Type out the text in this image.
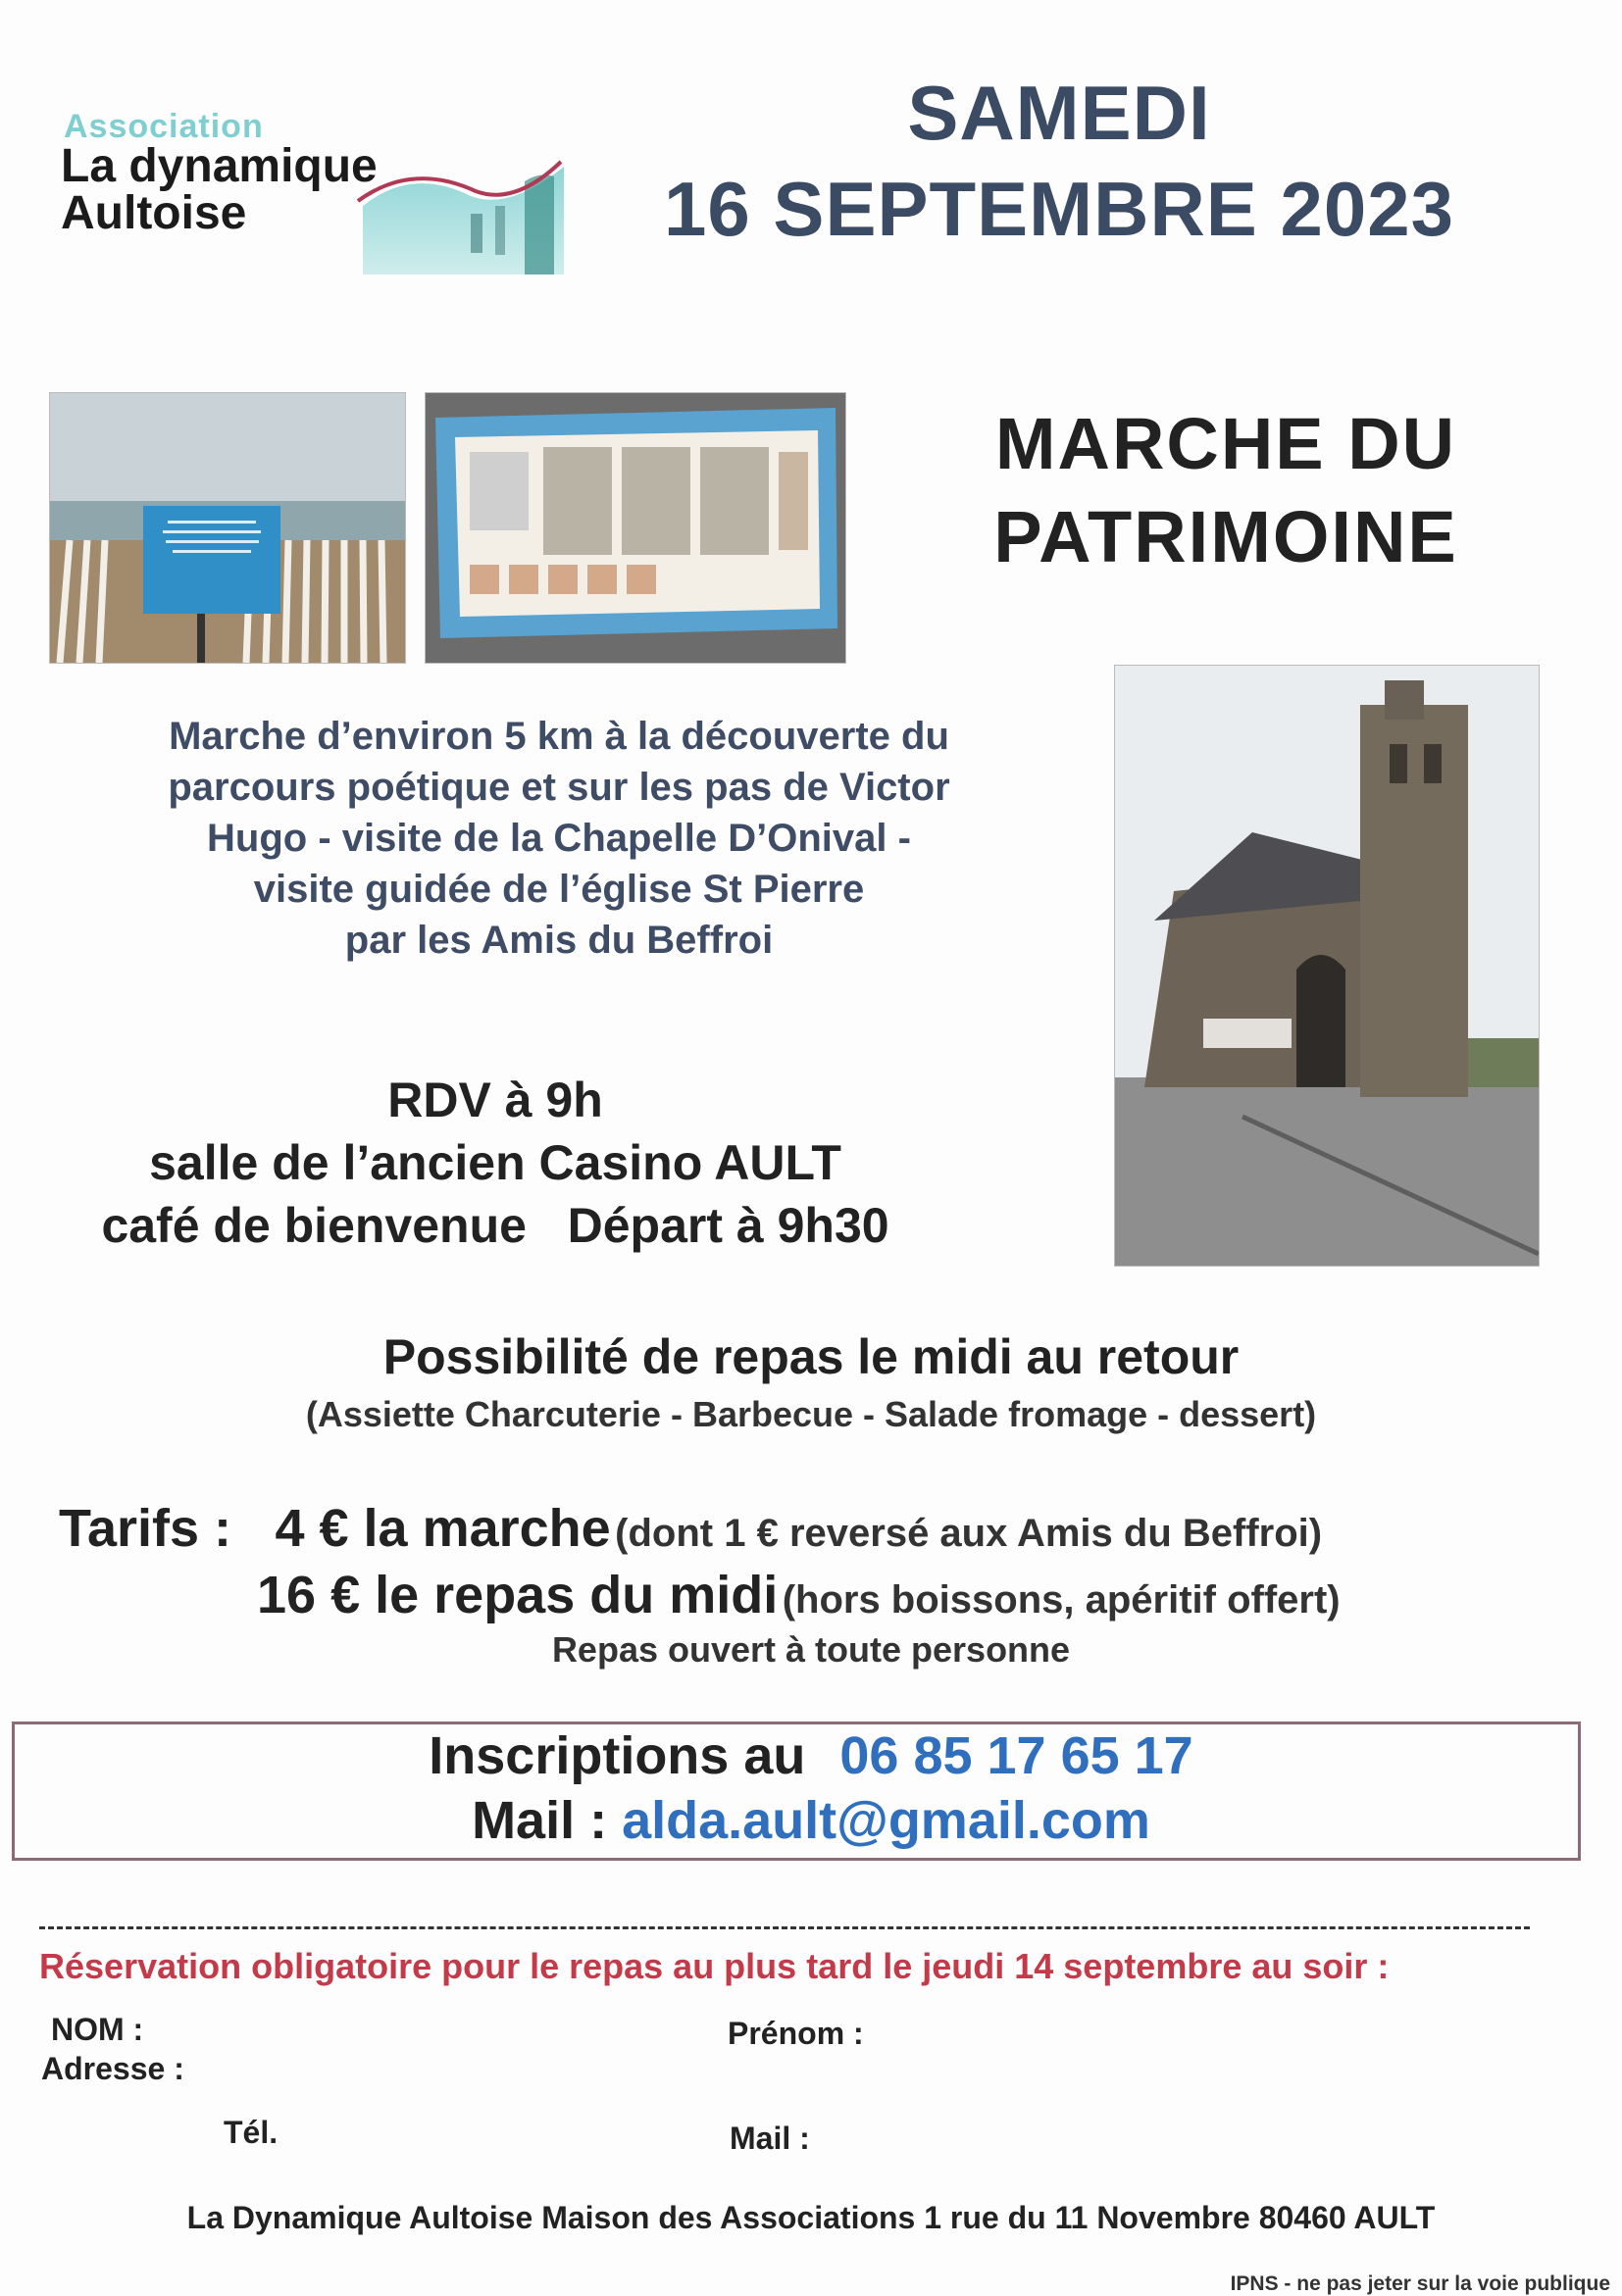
Association
La dynamique
Aultoise
SAMEDI
16 SEPTEMBRE 2023
MARCHE DU
PATRIMOINE
Marche d’environ 5 km à la découverte du
parcours poétique et sur les pas de Victor
Hugo - visite de la Chapelle D’Onival -
visite guidée de l’église St Pierre
par les Amis du Beffroi
RDV à 9h
salle de l’ancien Casino AULT
café de bienvenue Départ à 9h30
Possibilité de repas le midi au retour
(Assiette Charcuterie - Barbecue - Salade fromage - dessert)
Tarifs : 4 € la marche (dont 1 € reversé aux Amis du Beffroi)
16 € le repas du midi (hors boissons, apéritif offert)
Repas ouvert à toute personne
Inscriptions au 06 85 17 65 17
Mail : alda.ault@gmail.com
Réservation obligatoire pour le repas au plus tard le jeudi 14 septembre au soir :
NOM :	Prénom :
Adresse :
Tél.	Mail :
La Dynamique Aultoise Maison des Associations 1 rue du 11 Novembre 80460 AULT
IPNS - ne pas jeter sur la voie publique
